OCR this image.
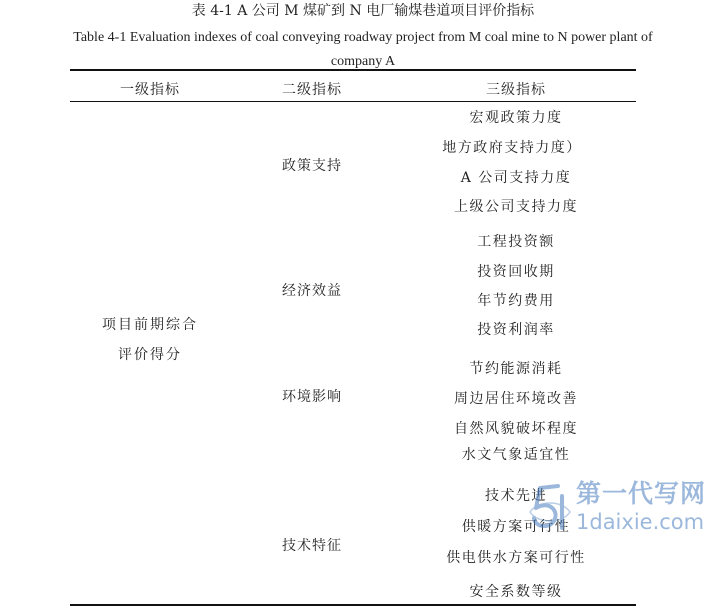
表 4-1 A 公司 M 煤矿到 N 电厂输煤巷道项目评价指标
Table 4-1 Evaluation indexes of coal conveying roadway project from M coal mine to N power plant of company A
一级指标	二级指标	三级指标
项目前期综合
评价得分
政策支持
经济效益
环境影响
技术特征
宏观政策力度
地方政府支持力度）
A 公司支持力度
上级公司支持力度
工程投资额
投资回收期
年节约费用
投资利润率
节约能源消耗
周边居住环境改善
自然风貌破坏程度
水文气象适宜性
技术先进
供暖方案可行性
供电供水方案可行性
安全系数等级
第一代写网
1daixie.com
